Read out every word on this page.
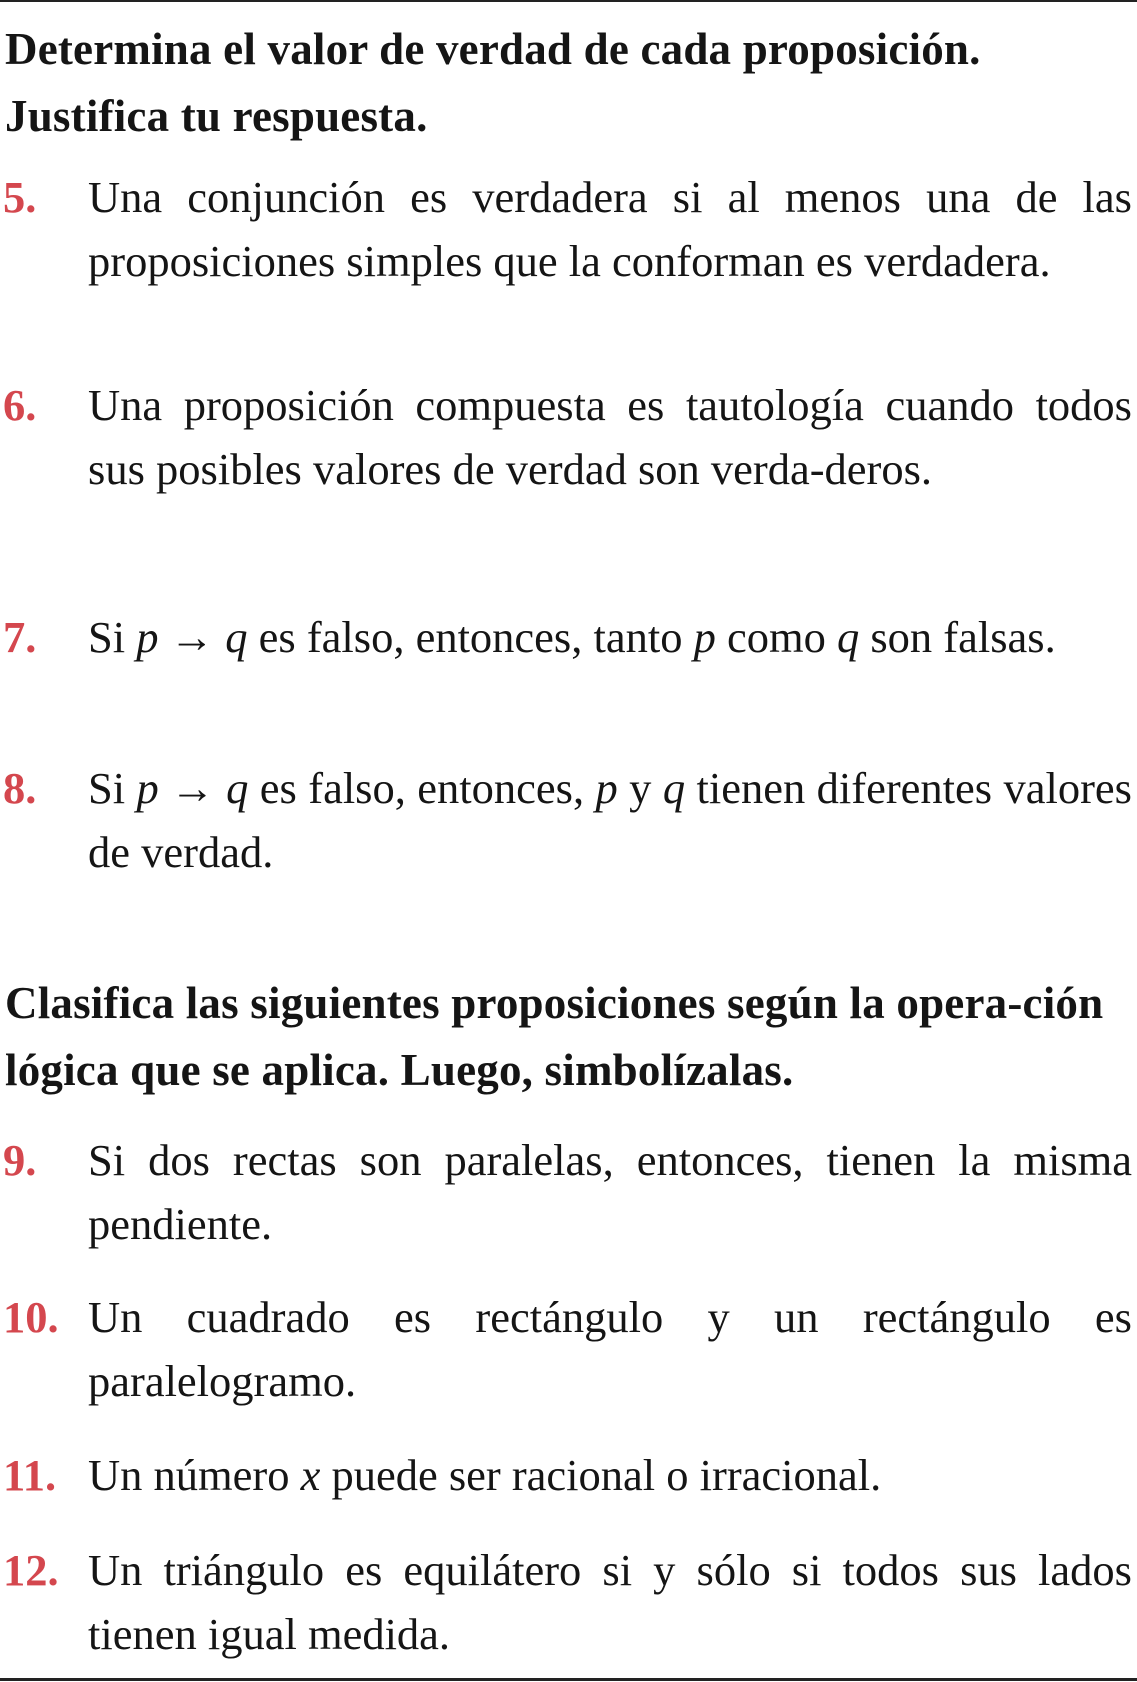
Determina el valor de verdad de cada proposición. Justifica tu respuesta.
5. Una conjunción es verdadera si al menos una de las proposiciones simples que la conforman es verdadera.
6. Una proposición compuesta es tautología cuando todos sus posibles valores de verdad son verda-deros.
7. Si p → q es falso, entonces, tanto p como q son falsas.
8. Si p → q es falso, entonces, p y q tienen diferentes valores de verdad.
Clasifica las siguientes proposiciones según la opera-ción lógica que se aplica. Luego, simbolízalas.
9. Si dos rectas son paralelas, entonces, tienen la misma pendiente.
10. Un cuadrado es rectángulo y un rectángulo es paralelogramo.
11. Un número x puede ser racional o irracional.
12. Un triángulo es equilátero si y sólo si todos sus lados tienen igual medida.
